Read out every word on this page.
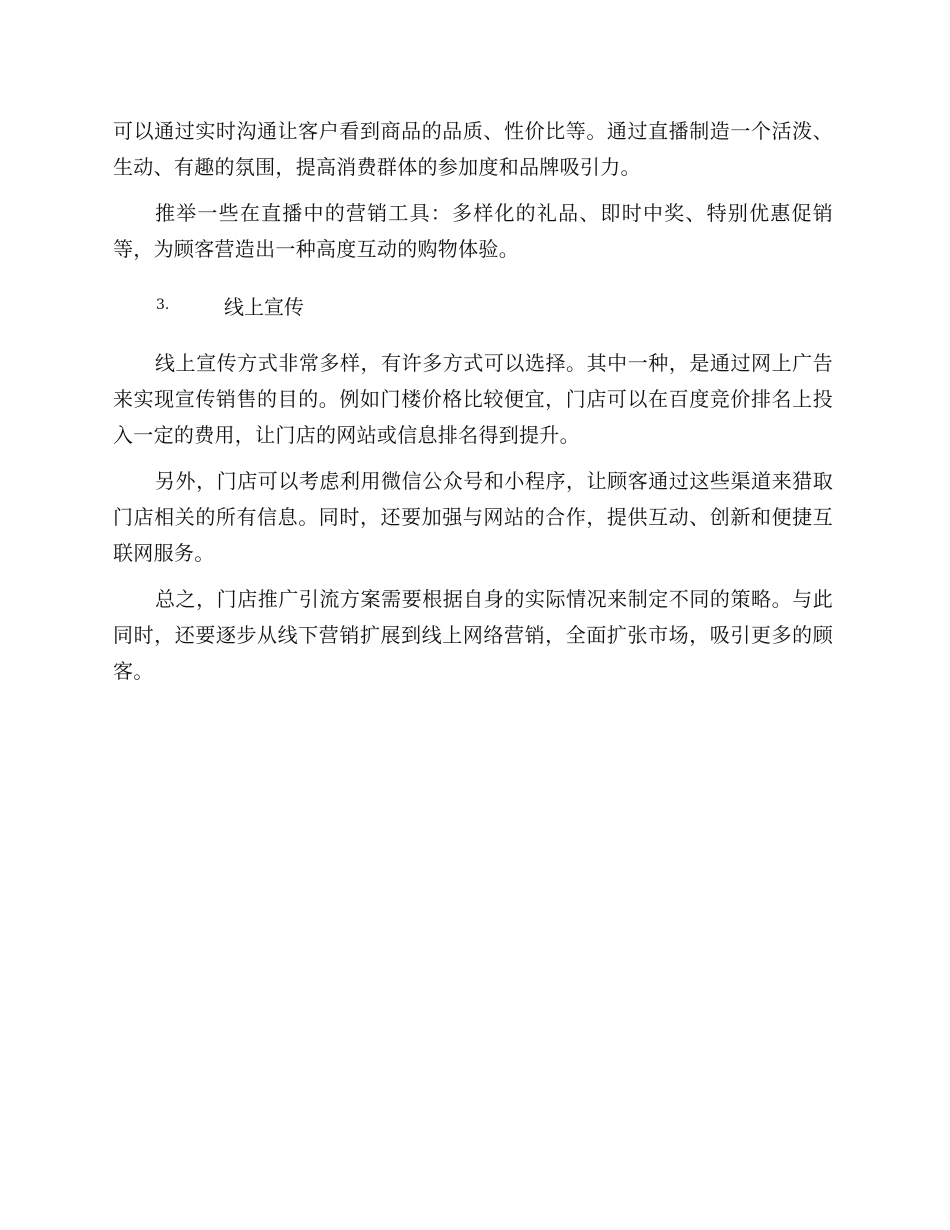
可以通过实时沟通让客户看到商品的品质、性价比等。通过直播制造一个活泼、生动、有趣的氛围，提高消费群体的参加度和品牌吸引力。

推举一些在直播中的营销工具：多样化的礼品、即时中奖、特别优惠促销等，为顾客营造出一种高度互动的购物体验。

3.	线上宣传

线上宣传方式非常多样，有许多方式可以选择。其中一种，是通过网上广告来实现宣传销售的目的。例如门楼价格比较便宜，门店可以在百度竞价排名上投入一定的费用，让门店的网站或信息排名得到提升。

另外，门店可以考虑利用微信公众号和小程序，让顾客通过这些渠道来猎取门店相关的所有信息。同时，还要加强与网站的合作，提供互动、创新和便捷互联网服务。

总之，门店推广引流方案需要根据自身的实际情况来制定不同的策略。与此同时，还要逐步从线下营销扩展到线上网络营销，全面扩张市场，吸引更多的顾客。
